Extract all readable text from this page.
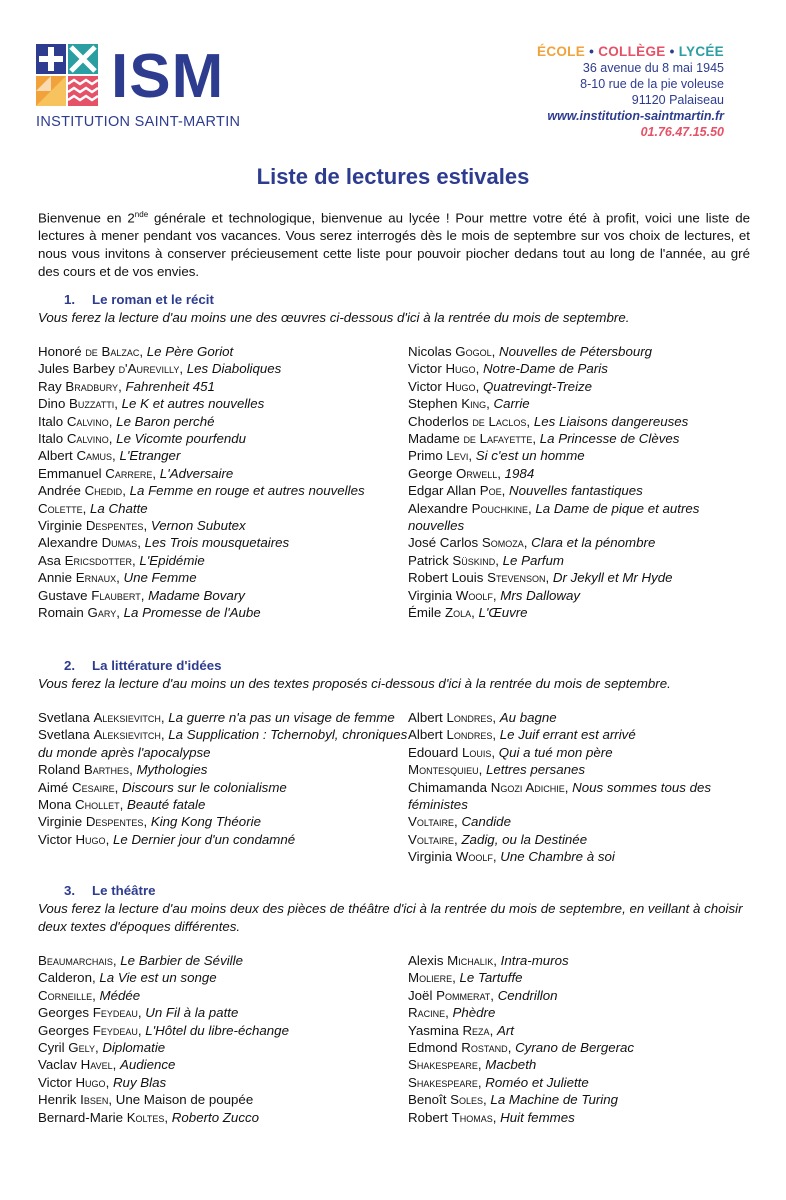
ISM
INSTITUTION SAINT-MARTIN
ÉCOLE • COLLÈGE • LYCÉE
36 avenue du 8 mai 1945
8-10 rue de la pie voleuse
91120 Palaiseau
www.institution-saintmartin.fr
01.76.47.15.50
Liste de lectures estivales
Bienvenue en 2nde générale et technologique, bienvenue au lycée ! Pour mettre votre été à profit, voici une liste de lectures à mener pendant vos vacances. Vous serez interrogés dès le mois de septembre sur vos choix de lectures, et nous vous invitons à conserver précieusement cette liste pour pouvoir piocher dedans tout au long de l'année, au gré des cours et de vos envies.
1. Le roman et le récit
Vous ferez la lecture d'au moins une des œuvres ci-dessous d'ici à la rentrée du mois de septembre.
Honoré de Balzac, Le Père Goriot
Jules Barbey d'Aurevilly, Les Diaboliques
Ray Bradbury, Fahrenheit 451
Dino Buzzatti, Le K et autres nouvelles
Italo Calvino, Le Baron perché
Italo Calvino, Le Vicomte pourfendu
Albert Camus, L'Etranger
Emmanuel Carrere, L'Adversaire
Andrée Chedid, La Femme en rouge et autres nouvelles
Colette, La Chatte
Virginie Despentes, Vernon Subutex
Alexandre Dumas, Les Trois mousquetaires
Asa Ericsdotter, L'Epidémie
Annie Ernaux, Une Femme
Gustave Flaubert, Madame Bovary
Romain Gary, La Promesse de l'Aube
Nicolas Gogol, Nouvelles de Pétersbourg
Victor Hugo, Notre-Dame de Paris
Victor Hugo, Quatrevingt-Treize
Stephen King, Carrie
Choderlos de Laclos, Les Liaisons dangereuses
Madame de Lafayette, La Princesse de Clèves
Primo Levi, Si c'est un homme
George Orwell, 1984
Edgar Allan Poe, Nouvelles fantastiques
Alexandre Pouchkine, La Dame de pique et autres nouvelles
José Carlos Somoza, Clara et la pénombre
Patrick Süskind, Le Parfum
Robert Louis Stevenson, Dr Jekyll et Mr Hyde
Virginia Woolf, Mrs Dalloway
Émile Zola, L'Œuvre
2. La littérature d'idées
Vous ferez la lecture d'au moins un des textes proposés ci-dessous d'ici à la rentrée du mois de septembre.
Svetlana Aleksievitch, La guerre n'a pas un visage de femme
Svetlana Aleksievitch, La Supplication : Tchernobyl, chroniques du monde après l'apocalypse
Roland Barthes, Mythologies
Aimé Cesaire, Discours sur le colonialisme
Mona Chollet, Beauté fatale
Virginie Despentes, King Kong Théorie
Victor Hugo, Le Dernier jour d'un condamné
Albert Londres, Au bagne
Albert Londres, Le Juif errant est arrivé
Edouard Louis, Qui a tué mon père
Montesquieu, Lettres persanes
Chimamanda Ngozi Adichie, Nous sommes tous des féministes
Voltaire, Candide
Voltaire, Zadig, ou la Destinée
Virginia Woolf, Une Chambre à soi
3. Le théâtre
Vous ferez la lecture d'au moins deux des pièces de théâtre d'ici à la rentrée du mois de septembre, en veillant à choisir deux textes d'époques différentes.
Beaumarchais, Le Barbier de Séville
Calderon, La Vie est un songe
Corneille, Médée
Georges Feydeau, Un Fil à la patte
Georges Feydeau, L'Hôtel du libre-échange
Cyril Gely, Diplomatie
Vaclav Havel, Audience
Victor Hugo, Ruy Blas
Henrik Ibsen, Une Maison de poupée
Bernard-Marie Koltes, Roberto Zucco
Alexis Michalik, Intra-muros
Moliere, Le Tartuffe
Joël Pommerat, Cendrillon
Racine, Phèdre
Yasmina Reza, Art
Edmond Rostand, Cyrano de Bergerac
Shakespeare, Macbeth
Shakespeare, Roméo et Juliette
Benoît Soles, La Machine de Turing
Robert Thomas, Huit femmes
